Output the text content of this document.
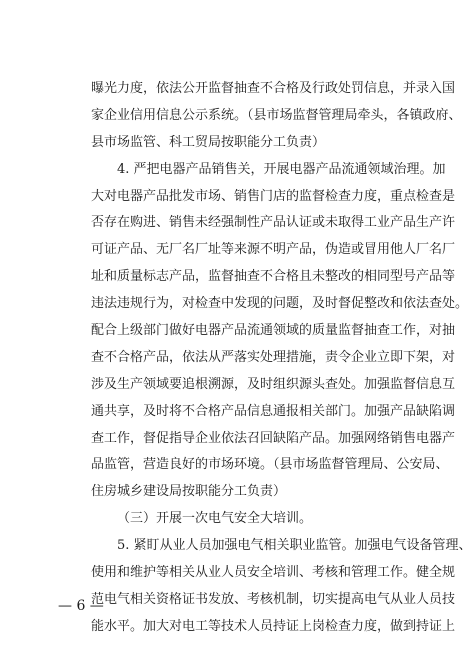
曝光力度，依法公开监督抽查不合格及行政处罚信息，并录入国
家企业信用信息公示系统。（县市场监督管理局牵头，各镇政府、
县市场监管、科工贸局按职能分工负责）
4. 严把电器产品销售关，开展电器产品流通领域治理。加
大对电器产品批发市场、销售门店的监督检查力度，重点检查是
否存在购进、销售未经强制性产品认证或未取得工业产品生产许
可证产品、无厂名厂址等来源不明产品，伪造或冒用他人厂名厂
址和质量标志产品，监督抽查不合格且未整改的相同型号产品等
违法违规行为，对检查中发现的问题，及时督促整改和依法查处。
配合上级部门做好电器产品流通领域的质量监督抽查工作，对抽
查不合格产品，依法从严落实处理措施，责令企业立即下架，对
涉及生产领域要追根溯源，及时组织源头查处。加强监督信息互
通共享，及时将不合格产品信息通报相关部门。加强产品缺陷调
查工作，督促指导企业依法召回缺陷产品。加强网络销售电器产
品监管，营造良好的市场环境。（县市场监督管理局、公安局、
住房城乡建设局按职能分工负责）
（三）开展一次电气安全大培训。
5. 紧盯从业人员加强电气相关职业监管。加强电气设备管理、
使用和维护等相关从业人员安全培训、考核和管理工作。健全规
范电气相关资格证书发放、考核机制，切实提高电气从业人员技
能水平。加大对电工等技术人员持证上岗检查力度，做到持证上
— 6 —
